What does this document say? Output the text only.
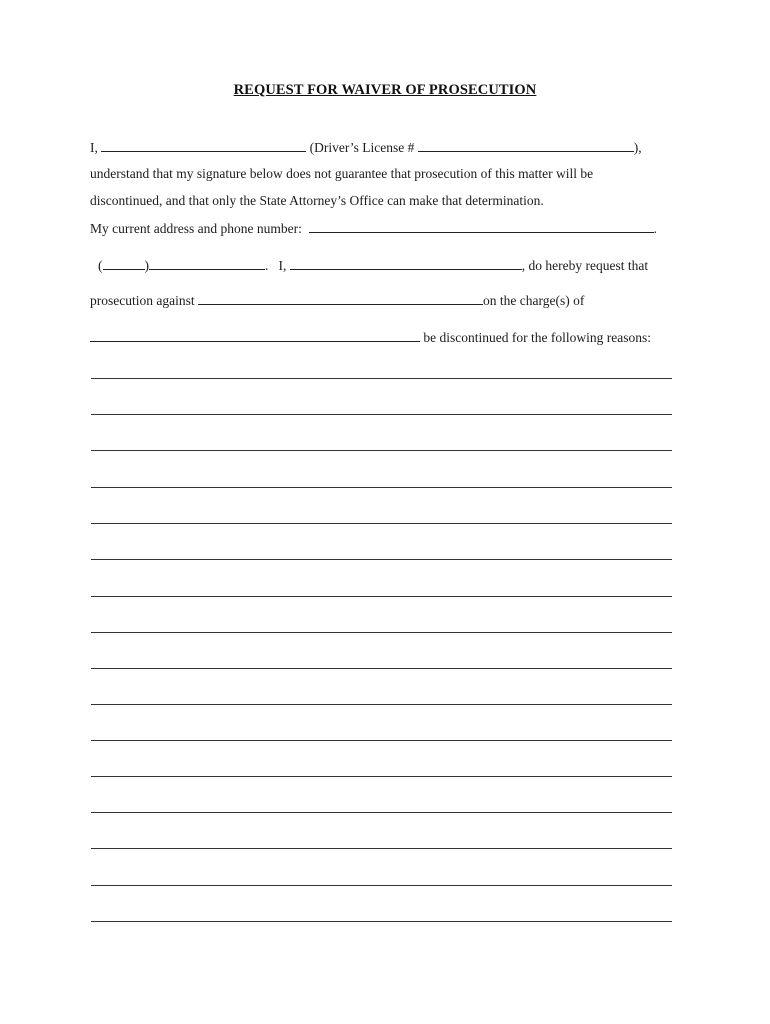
REQUEST FOR WAIVER OF PROSECUTION
I,	(Driver’s License #	),
understand that my signature below does not guarantee that prosecution of this matter will be
discontinued, and that only the State Attorney’s Office can make that determination.
My current address and phone number:	.
(	)	.   I,	, do hereby request that
prosecution against	on the charge(s) of
be discontinued for the following reasons:
